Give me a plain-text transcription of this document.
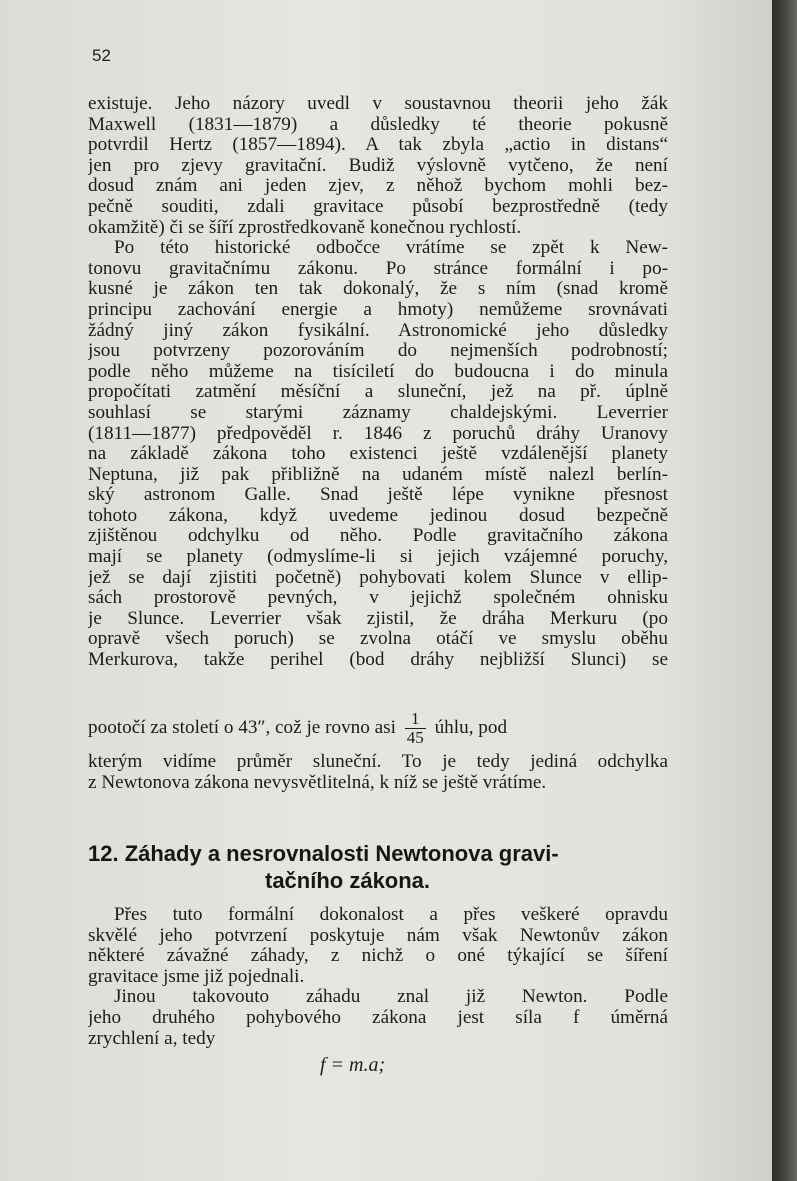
52
existuje. Jeho názory uvedl v soustavnou theorii jeho žák
Maxwell (1831—1879) a důsledky té theorie pokusně
potvrdil Hertz (1857—1894). A tak zbyla „actio in distans“
jen pro zjevy gravitační. Budiž výslovně vytčeno, že není
dosud znám ani jeden zjev, z něhož bychom mohli bez-
pečně souditi, zdali gravitace působí bezprostředně (tedy
okamžitě) či se šíří zprostředkovaně konečnou rychlostí.
Po této historické odbočce vrátíme se zpět k New-
tonovu gravitačnímu zákonu. Po stránce formální i po-
kusné je zákon ten tak dokonalý, že s ním (snad kromě
principu zachování energie a hmoty) nemůžeme srovnávati
žádný jiný zákon fysikální. Astronomické jeho důsledky
jsou potvrzeny pozorováním do nejmenších podrobností;
podle něho můžeme na tisíciletí do budoucna i do minula
propočítati zatmění měsíční a sluneční, jež na př. úplně
souhlasí se starými záznamy chaldejskými. Leverrier
(1811—1877) předpověděl r. 1846 z poruchů dráhy Uranovy
na základě zákona toho existenci ještě vzdálenější planety
Neptuna, již pak přibližně na udaném místě nalezl berlín-
ský astronom Galle. Snad ještě lépe vynikne přesnost
tohoto zákona, když uvedeme jedinou dosud bezpečně
zjištěnou odchylku od něho. Podle gravitačního zákona
mají se planety (odmyslíme-li si jejich vzájemné poruchy,
jež se dají zjistiti početně) pohybovati kolem Slunce v ellip-
sách prostorově pevných, v jejichž společném ohnisku
je Slunce. Leverrier však zjistil, že dráha Merkuru (po
opravě všech poruch) se zvolna otáčí ve smyslu oběhu
Merkurova, takže perihel (bod dráhy nejbližší Slunci) se
pootočí za století o 43″, což je rovno asi $\frac{1}{45}$ úhlu, pod
kterým vidíme průměr sluneční. To je tedy jediná odchylka
z Newtonova zákona nevysvětlitelná, k níž se ještě vrátíme.
12. Záhady a nesrovnalosti Newtonova gravi-
tačního zákona.
Přes tuto formální dokonalost a přes veškeré opravdu
skvělé jeho potvrzení poskytuje nám však Newtonův zákon
některé závažné záhady, z nichž o oné týkající se šíření
gravitace jsme již pojednali.
Jinou takovouto záhadu znal již Newton. Podle
jeho druhého pohybového zákona jest síla f úměrná
zrychlení a, tedy
f = m.a;
